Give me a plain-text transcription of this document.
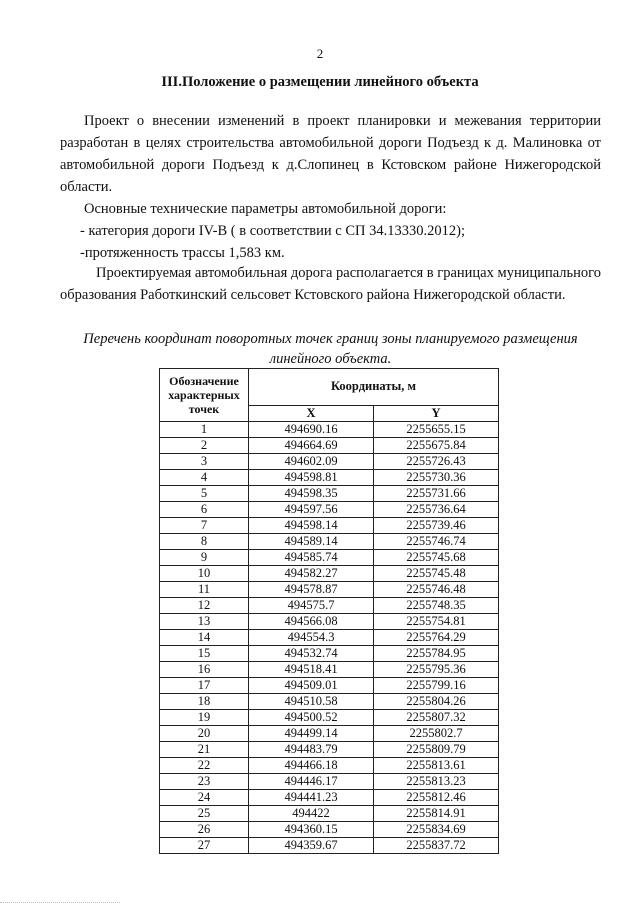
2
III.Положение о размещении линейного объекта
Проект о внесении изменений в проект планировки и межевания территории разработан в целях строительства автомобильной дороги Подъезд к д. Малиновка от автомобильной дороги Подъезд к д.Слопинец в Кстовском районе Нижегородской области.
Основные технические параметры автомобильной дороги:
- категория дороги IV-В ( в соответствии с СП 34.13330.2012);
-протяженность трассы 1,583 км.
Проектируемая автомобильная дорога располагается в границах муниципального образования Работкинский сельсовет Кстовского района Нижегородской области.
Перечень координат поворотных точек границ зоны планируемого размещения линейного объекта.
Обозначение характерных точек	Координаты, м	
	X	Y
1	494690.16	2255655.15
2	494664.69	2255675.84
3	494602.09	2255726.43
4	494598.81	2255730.36
5	494598.35	2255731.66
6	494597.56	2255736.64
7	494598.14	2255739.46
8	494589.14	2255746.74
9	494585.74	2255745.68
10	494582.27	2255745.48
11	494578.87	2255746.48
12	494575.7	2255748.35
13	494566.08	2255754.81
14	494554.3	2255764.29
15	494532.74	2255784.95
16	494518.41	2255795.36
17	494509.01	2255799.16
18	494510.58	2255804.26
19	494500.52	2255807.32
20	494499.14	2255802.7
21	494483.79	2255809.79
22	494466.18	2255813.61
23	494446.17	2255813.23
24	494441.23	2255812.46
25	494422	2255814.91
26	494360.15	2255834.69
27	494359.67	2255837.72
